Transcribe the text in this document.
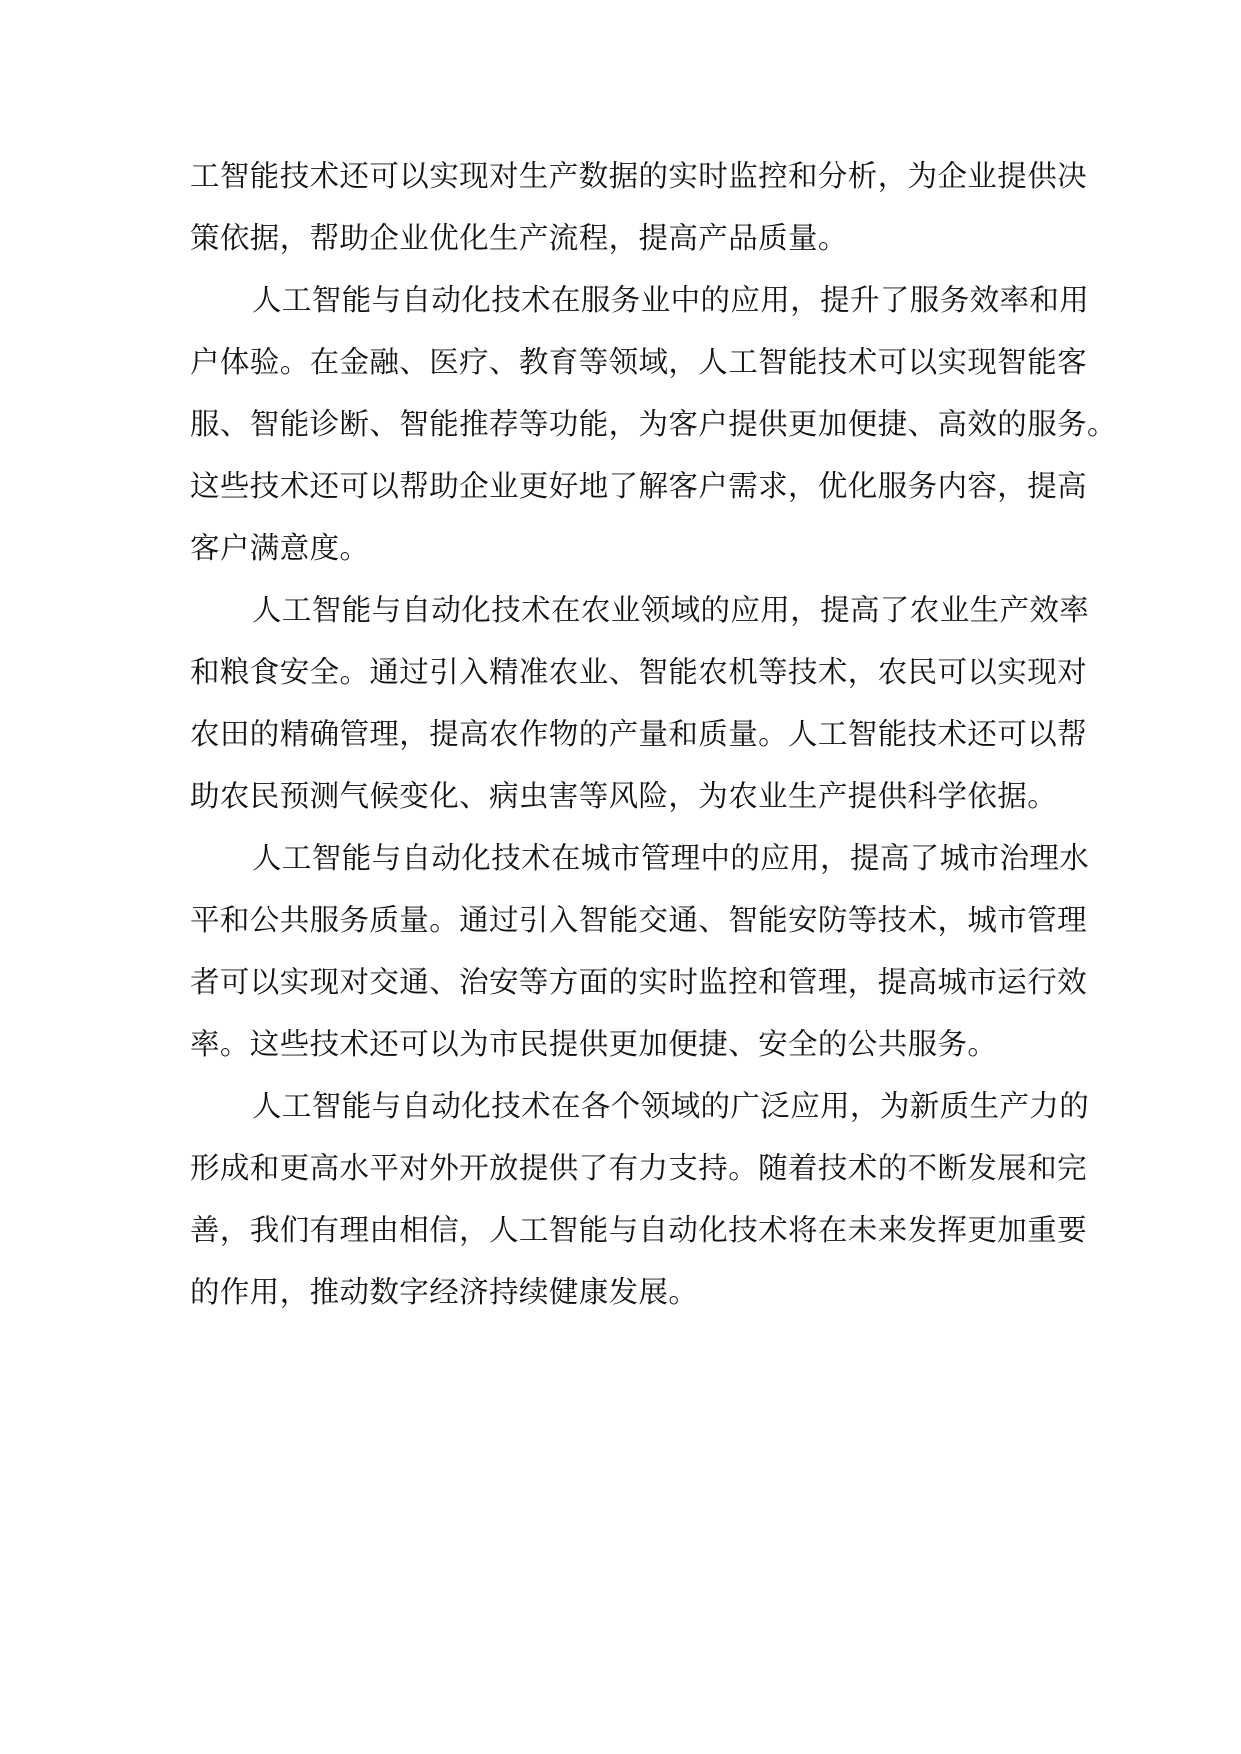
工智能技术还可以实现对生产数据的实时监控和分析，为企业提供决
策依据，帮助企业优化生产流程，提高产品质量。
人工智能与自动化技术在服务业中的应用，提升了服务效率和用
户体验。在金融、医疗、教育等领域，人工智能技术可以实现智能客
服、智能诊断、智能推荐等功能，为客户提供更加便捷、高效的服务。
这些技术还可以帮助企业更好地了解客户需求，优化服务内容，提高
客户满意度。
人工智能与自动化技术在农业领域的应用，提高了农业生产效率
和粮食安全。通过引入精准农业、智能农机等技术，农民可以实现对
农田的精确管理，提高农作物的产量和质量。人工智能技术还可以帮
助农民预测气候变化、病虫害等风险，为农业生产提供科学依据。
人工智能与自动化技术在城市管理中的应用，提高了城市治理水
平和公共服务质量。通过引入智能交通、智能安防等技术，城市管理
者可以实现对交通、治安等方面的实时监控和管理，提高城市运行效
率。这些技术还可以为市民提供更加便捷、安全的公共服务。
人工智能与自动化技术在各个领域的广泛应用，为新质生产力的
形成和更高水平对外开放提供了有力支持。随着技术的不断发展和完
善，我们有理由相信，人工智能与自动化技术将在未来发挥更加重要
的作用，推动数字经济持续健康发展。
